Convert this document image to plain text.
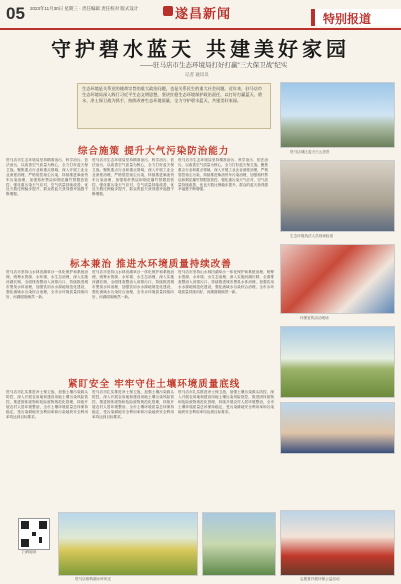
05 2023年11月30日 星期三 · 责任编辑 责任校对 版式设计	遂昌新闻	特别报道
守护碧水蓝天 共建美好家园
——驻马店市生态环境局打好打赢“三大保卫战”纪实
记者 通讯员
生态环境是关系党的使命宗旨的重大政治问题，也是关系民生的重大社会问题。近年来，驻马店市生态环境局深入践行习近平生态文明思想，坚决扛稳生态环境保护政治责任，以打好打赢蓝天、碧水、净土保卫战为抓手，持续改善生态环境质量，全力守护碧水蓝天，共建美好家园。
驻马店城区蓝天白云美景
综合施策 提升大气污染防治能力
驻马店市生态环境局坚持精准治污、科学治污、依法治污，以改善空气质量为核心，全力打好蓝天保卫战。聚焦重点行业和重点领域，深入开展工业企业深度治理，严格管控扬尘污染，持续推进柴油货车污染治理，加强秸秆禁烧和烟花爆竹禁限放管控，强化重污染天气应对，空气质量持续改善，优良天数比例稳步提升，群众的蓝天获得感幸福感不断增强。
驻马店市生态环境局坚持精准治污、科学治污、依法治污，以改善空气质量为核心，全力打好蓝天保卫战。聚焦重点行业和重点领域，深入开展工业企业深度治理，严格管控扬尘污染，持续推进柴油货车污染治理，加强秸秆禁烧和烟花爆竹禁限放管控，强化重污染天气应对，空气质量持续改善，优良天数比例稳步提升，群众的蓝天获得感幸福感不断增强。
驻马店市生态环境局坚持精准治污、科学治污、依法治污，以改善空气质量为核心，全力打好蓝天保卫战。聚焦重点行业和重点领域，深入开展工业企业深度治理，严格管控扬尘污染，持续推进柴油货车污染治理，加强秸秆禁烧和烟花爆竹禁限放管控，强化重污染天气应对，空气质量持续改善，优良天数比例稳步提升，群众的蓝天获得感幸福感不断增强。
生态环境执法人员现场检查
环保宣传活动现场
标本兼治 推进水环境质量持续改善
驻马店市坚持山水林田湖草沙一体化保护和系统治理，统筹水资源、水环境、水生态治理，深入实施河湖长制，全面排查整治入河排污口，持续推进城市黑臭水体治理，加强饮用水水源地规范化建设，强化流域水污染综合治理，全市水环境质量持续向好，河湖面貌焕然一新。
驻马店市坚持山水林田湖草沙一体化保护和系统治理，统筹水资源、水环境、水生态治理，深入实施河湖长制，全面排查整治入河排污口，持续推进城市黑臭水体治理，加强饮用水水源地规范化建设，强化流域水污染综合治理，全市水环境质量持续向好，河湖面貌焕然一新。
驻马店市坚持山水林田湖草沙一体化保护和系统治理，统筹水资源、水环境、水生态治理，深入实施河湖长制，全面排查整治入河排污口，持续推进城市黑臭水体治理，加强饮用水水源地规范化建设，强化流域水污染综合治理，全市水环境质量持续向好，河湖面貌焕然一新。
紧盯安全 牢牢守住土壤环境质量底线
驻马店市扎实推进净土保卫战，加强土壤污染源头防控，深入开展农用地和建设用地土壤污染风险管控，推进固体废物和危险废物规范化管理，持续开展农村人居环境整治，全市土壤环境质量总体保持稳定，受污染耕地安全利用率和污染地块安全利用率均达到目标要求。
驻马店市扎实推进净土保卫战，加强土壤污染源头防控，深入开展农用地和建设用地土壤污染风险管控，推进固体废物和危险废物规范化管理，持续开展农村人居环境整治，全市土壤环境质量总体保持稳定，受污染耕地安全利用率和污染地块安全利用率均达到目标要求。
驻马店市扎实推进净土保卫战，加强土壤污染源头防控，深入开展农用地和建设用地土壤污染风险管控，推进固体废物和危险废物规范化管理，持续开展农村人居环境整治，全市土壤环境质量总体保持稳定，受污染耕地安全利用率和污染地块安全利用率均达到目标要求。
驻马店宿鸭湖水库风光	志愿者开展环保公益活动
扫码阅读
